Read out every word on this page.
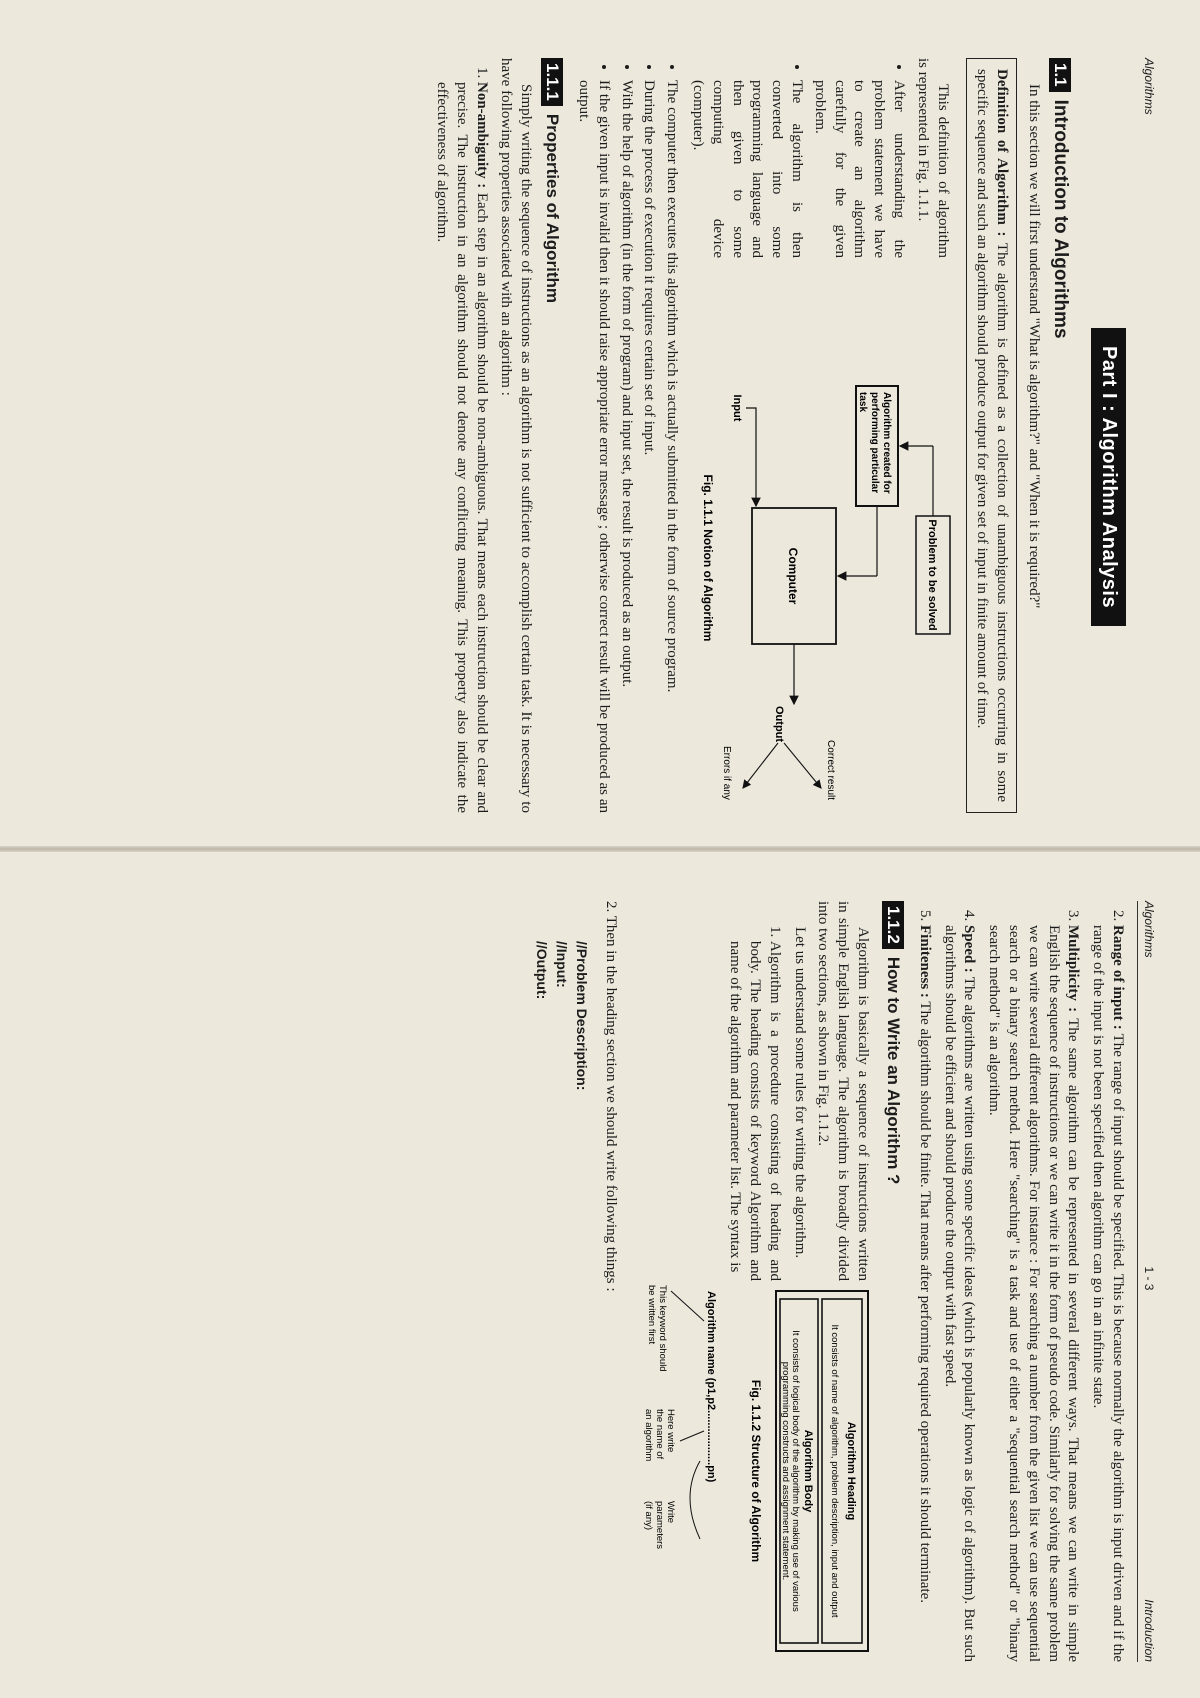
Algorithms
Part I : Algorithm Analysis
1.1
Introduction to Algorithms

In this section we will first understand "What is algorithm?" and "When it is required?"

Definition of Algorithm : The algorithm is defined as a collection of unambiguous instructions occurring in some specific sequence and such an algorithm should produce output for given set of input in finite amount of time.

This definition of algorithm is represented in Fig. 1.1.1.

• After understanding the problem statement we have to create an algorithm carefully for the given problem.
• The algorithm is then converted into some programming language and then given to some computing device (computer).
Problem to be solved
Algorithm created forperforming particulartask
Computer
Input
Output
Correct result
Errors if any
Fig. 1.1.1 Notion of Algorithm
• The computer then executes this algorithm which is actually submitted in the form of source program.
• During the process of execution it requires certain set of input.
• With the help of algorithm (in the form of program) and input set, the result is produced as an output.
• If the given input is invalid then it should raise appropriate error message ; otherwise correct result will be produced as an output.
1.1.1
Properties of Algorithm

Simply writing the sequence of instructions as an algorithm is not sufficient to accomplish certain task. It is necessary to have following properties associated with an algorithm :

1. Non-ambiguity : Each step in an algorithm should be non-ambiguous. That means each instruction should be clear and precise. The instruction in an algorithm should not denote any conflicting meaning. This property also indicate the effectiveness of algorithm.
Algorithms
1 - 3
Introduction
2. Range of input : The range of input should be specified. This is because normally the algorithm is input driven and if the range of the input is not been specified then algorithm can go in an infinite state.
3. Multiplicity : The same algorithm can be represented in several different ways. That means we can write in simple English the sequence of instructions or we can write it in the form of pseudo code. Similarly for solving the same problem we can write several different algorithms. For instance : For searching a number from the given list we can use sequential search or a binary search method. Here "searching" is a task and use of either a "sequential search method" or "binary search method" is an algorithm.
4. Speed : The algorithms are written using some specific ideas (which is popularly known as logic of algorithm). But such algorithms should be efficient and should produce the output with fast speed.
5. Finiteness : The algorithm should be finite. That means after performing required operations it should terminate.
1.1.2
How to Write an Algorithm ?

Algorithm is basically a sequence of instructions written in simple English language. The algorithm is broadly divided into two sections, as shown in Fig. 1.1.2.

Let us understand some rules for writing the algorithm.

1. Algorithm is a procedure consisting of heading and body. The heading consists of keyword Algorithm and name of the algorithm and parameter list. The syntax is
Algorithm Heading
It consists of name of algorithm, problem description, input and output
Algorithm Body
It consists of logical body of the algorithm by making use of variousprogramming constructs and assignment statement.
Fig. 1.1.2 Structure of Algorithm
Algorithm name (p1,p2..................pn)
This keyword shouldbe written first
Here writethe name ofan algorithm
Writeparameters(if any)

2. Then in the heading section we should write following things :

//Problem Description:
//Input:
//Output:
